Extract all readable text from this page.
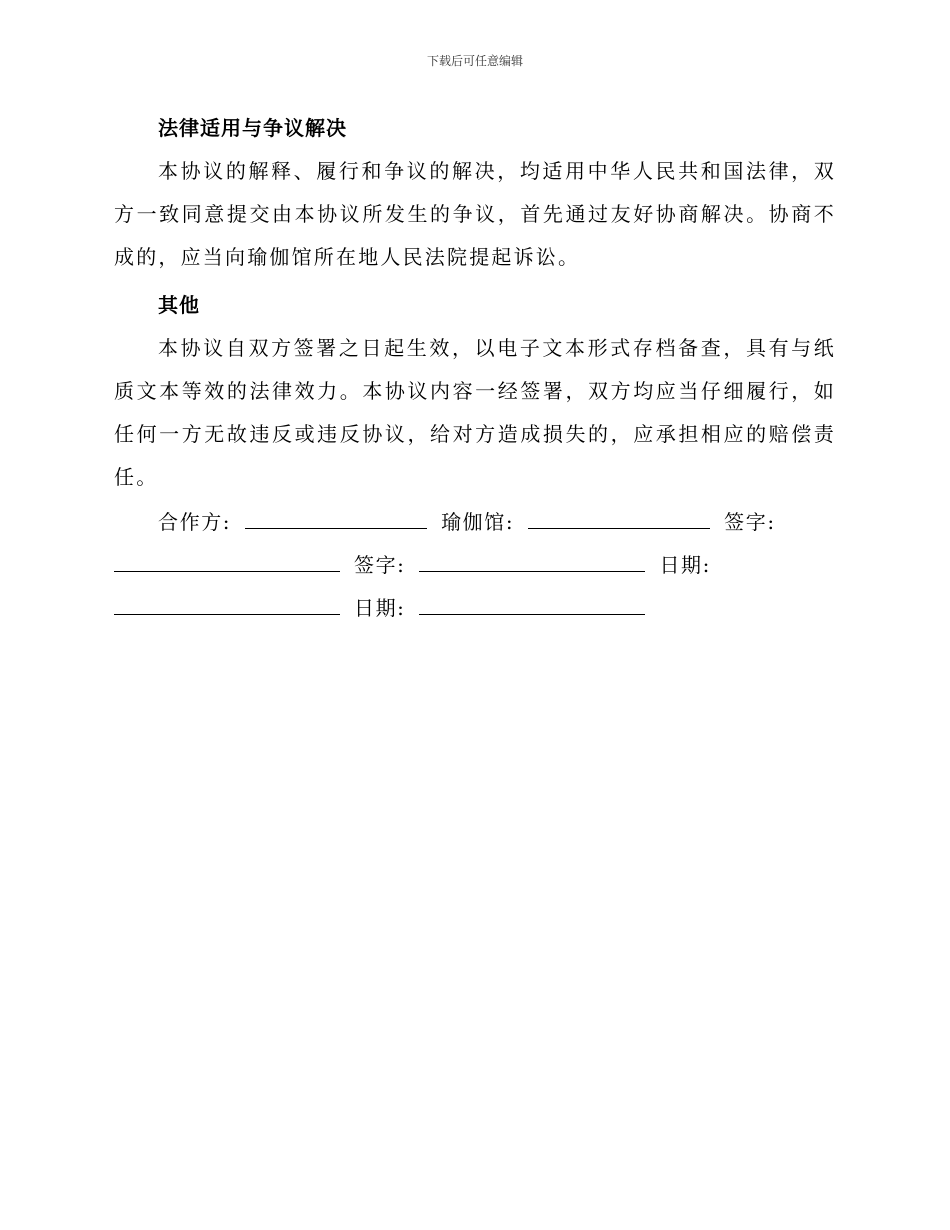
下载后可任意编辑
法律适用与争议解决

本协议的解释、履行和争议的解决，均适用中华人民共和国法律，双方一致同意提交由本协议所发生的争议，首先通过友好协商解决。协商不成的，应当向瑜伽馆所在地人民法院提起诉讼。

其他

本协议自双方签署之日起生效，以电子文本形式存档备查，具有与纸质文本等效的法律效力。本协议内容一经签署，双方均应当仔细履行，如任何一方无故违反或违反协议，给对方造成损失的，应承担相应的赔偿责任。

合作方:	瑜伽馆:	签字:
签字:	日期:
日期:
